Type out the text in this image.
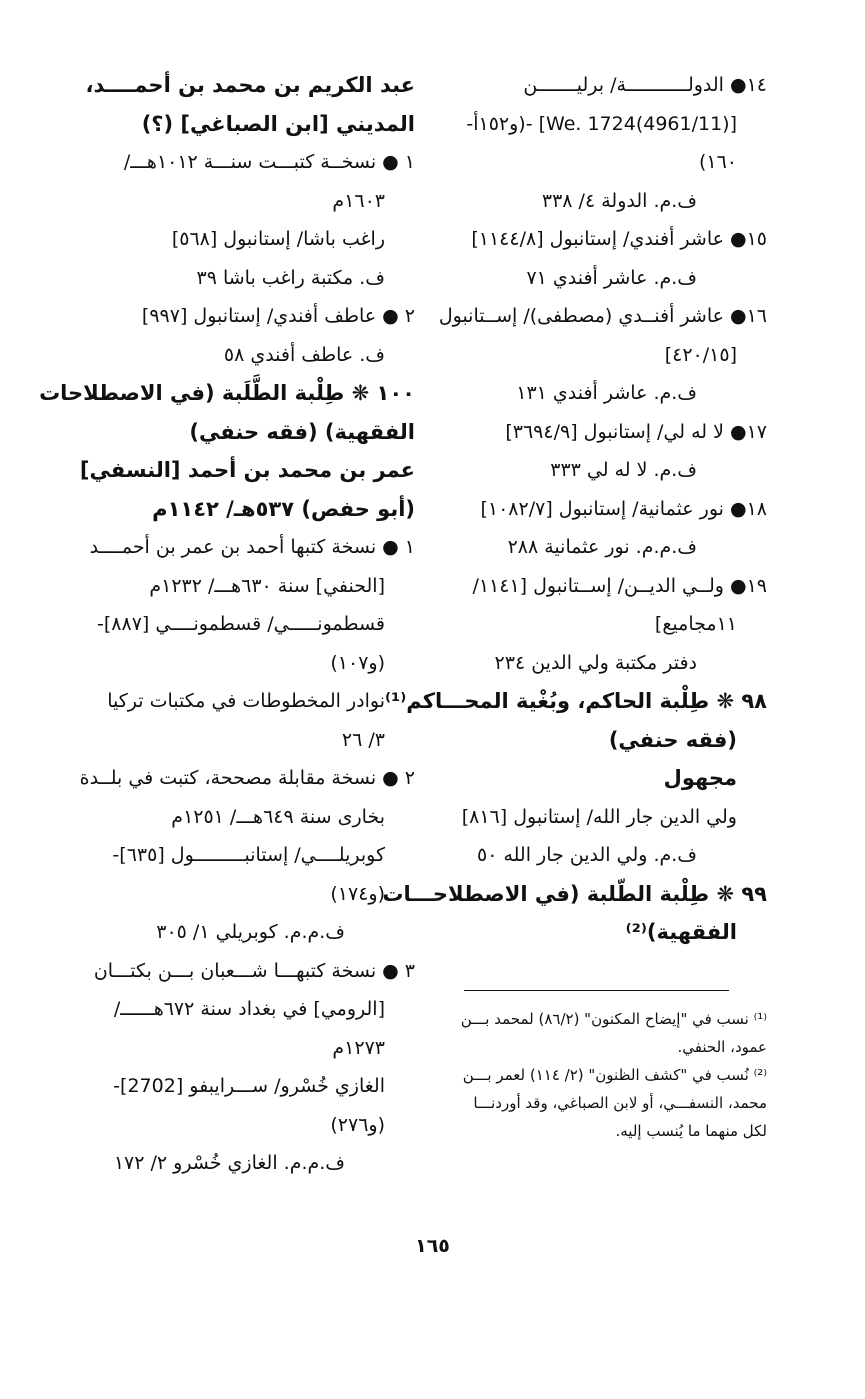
١٤● الدولـــــــــــة/ برليـــــــن
[(4961/11)We. 1724] -(و١٥٢أ-
١٦٠)
ف.م. الدولة ٤/ ٣٣٨
١٥● عاشر أفندي/ إستانبول [١١٤٤/٨]
ف.م. عاشر أفندي ٧١
١٦● عاشر أفنــدي (مصطفى)/ إســتانبول
[٤٢٠/١٥]
ف.م. عاشر أفندي ١٣١
١٧● لا له لي/ إستانبول [٣٦٩٤/٩]
ف.م. لا له لي ٣٣٣
١٨● نور عثمانية/ إستانبول [١٠٨٢/٧]
ف.م.م. نور عثمانية ٢٨٨
١٩● ولــي الديــن/ إســتانبول [١١٤١/
١١مجاميع]
دفتر مكتبة ولي الدين ٢٣٤
٩٨ ❋ طِلْبة الحاكم، وبُغْية المحـــاكم⁽¹⁾
(فقه حنفي)
مجهول
ولي الدين جار الله/ إستانبول [٨١٦]
ف.م. ولي الدين جار الله ٥٠
٩٩ ❋ طِلْبة الطّلبة (في الاصطلاحـــات
الفقهية)⁽²⁾
عبد الكريم بن محمد بن أحمــــد،
المديني [ابن الصباغي] (؟)
١ ● نسخــة كتبـــت سنـــة ١٠١٢هـــ/
١٦٠٣م
راغب باشا/ إستانبول [٥٦٨]
ف. مكتبة راغب باشا ٣٩
٢ ● عاطف أفندي/ إستانبول [٩٩٧]
ف. عاطف أفندي ٥٨
١٠٠ ❋ طِلْبة الطَّلَبة (في الاصطلاحات
الفقهية) (فقه حنفي)
عمر بن محمد بن أحمد [النسفي]
(أبو حفص) ٥٣٧هـ/ ١١٤٢م
١ ● نسخة كتبها أحمد بن عمر بن أحمــــد
[الحنفي] سنة ٦٣٠هـــ/ ١٢٣٢م
قسطمونـــــي/ قسطمونــــي [٨٨٧]-
(و١٠٧)
نوادر المخطوطات في مكتبات تركيا
٣/ ٢٦
٢ ● نسخة مقابلة مصححة، كتبت في بلــدة
بخارى سنة ٦٤٩هـــ/ ١٢٥١م
كوبريلــــي/ إستانبـــــــــول [٦٣٥]-
(و١٧٤)
ف.م.م. كوبريلي ١/ ٣٠٥
٣ ● نسخة كتبهـــا شـــعبان بـــن بكتـــان
[الرومي] في بغداد سنة ٦٧٢هــــــ/
١٢٧٣م
الغازي خُسْرو/ ســـرايبفو [2702]-
(و٢٧٦)
ف.م.م. الغازي خُسْرو ٢/ ١٧٢
⁽¹⁾ نسب في "إيضاح المكنون" (٨٦/٢) لمحمد بـــن
عمود، الحنفي.
⁽²⁾ نُسب في "كشف الظنون" (٢/ ١١٤) لعمر بـــن
محمد، النسفـــي، أو لابن الصباغي، وقد أوردنـــا
لكل منهما ما يُنسب إليه.
١٦٥
